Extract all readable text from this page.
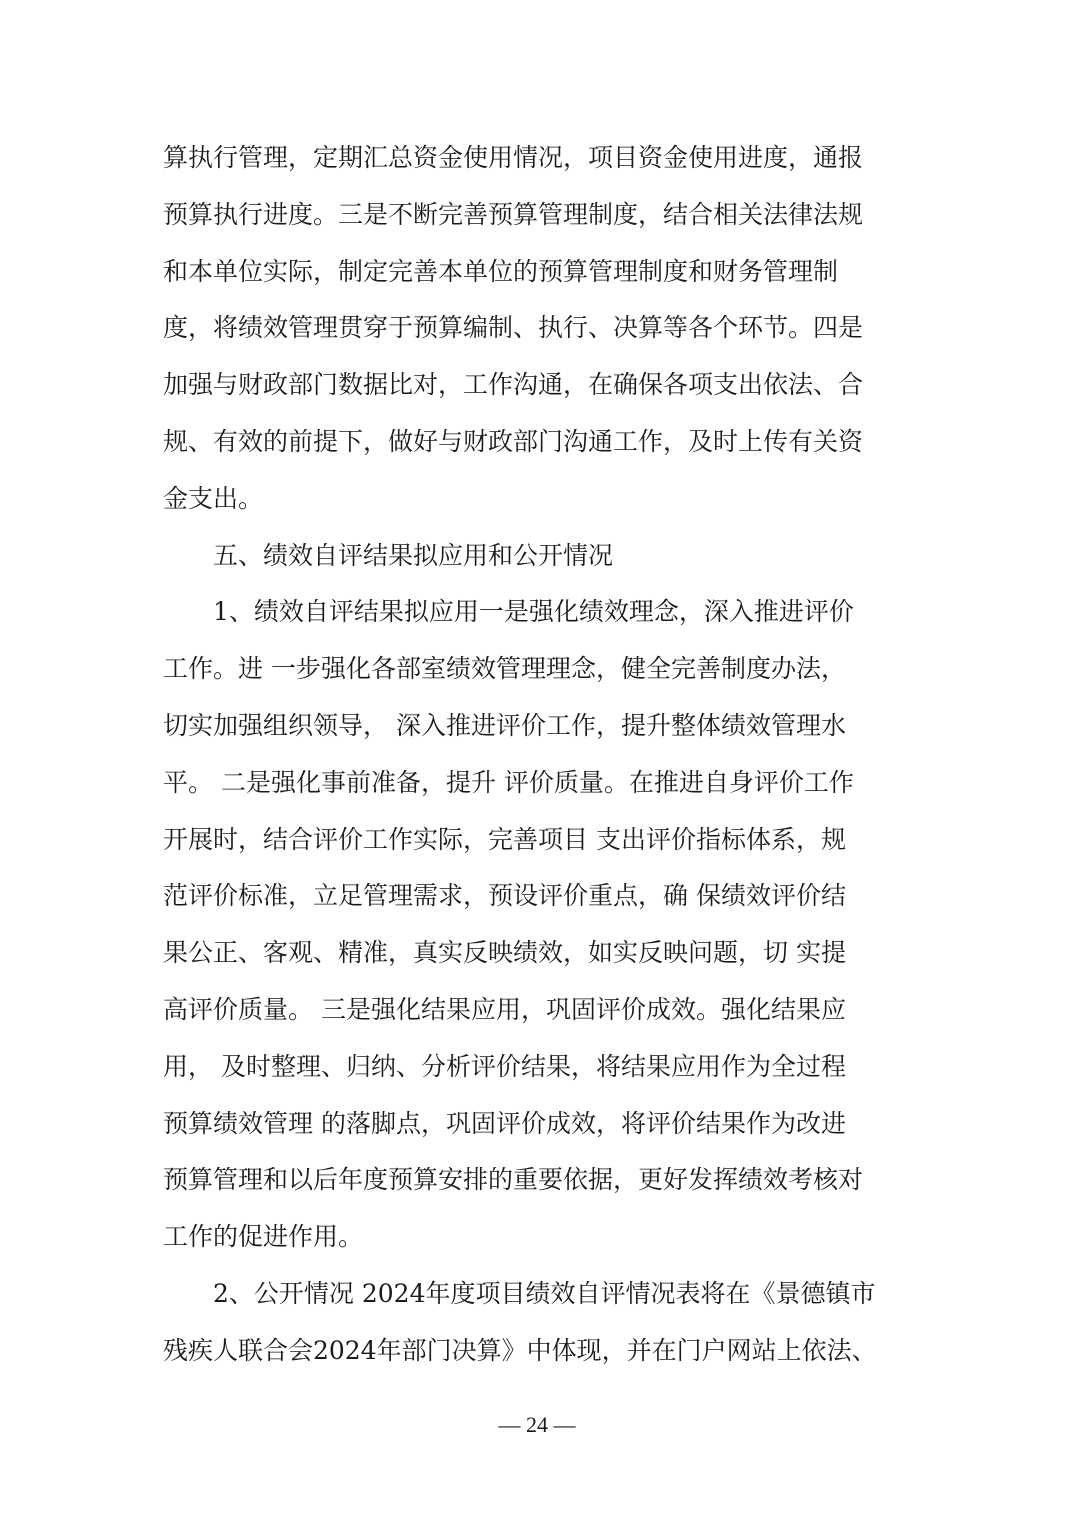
算执行管理，定期汇总资金使用情况，项目资金使用进度，通报
预算执行进度。三是不断完善预算管理制度，结合相关法律法规
和本单位实际，制定完善本单位的预算管理制度和财务管理制
度，将绩效管理贯穿于预算编制、执行、决算等各个环节。四是
加强与财政部门数据比对，工作沟通，在确保各项支出依法、合
规、有效的前提下，做好与财政部门沟通工作，及时上传有关资
金支出。
　　五、绩效自评结果拟应用和公开情况
　　1、绩效自评结果拟应用一是强化绩效理念，深入推进评价
工作。进 一步强化各部室绩效管理理念，健全完善制度办法，
切实加强组织领导， 深入推进评价工作，提升整体绩效管理水
平。 二是强化事前准备，提升 评价质量。在推进自身评价工作
开展时，结合评价工作实际，完善项目 支出评价指标体系，规
范评价标准，立足管理需求，预设评价重点，确 保绩效评价结
果公正、客观、精准，真实反映绩效，如实反映问题，切 实提
高评价质量。 三是强化结果应用，巩固评价成效。强化结果应
用， 及时整理、归纳、分析评价结果，将结果应用作为全过程
预算绩效管理 的落脚点，巩固评价成效，将评价结果作为改进
预算管理和以后年度预算安排的重要依据，更好发挥绩效考核对
工作的促进作用。
　　2、公开情况 2024年度项目绩效自评情况表将在《景德镇市
残疾人联合会2024年部门决算》中体现，并在门户网站上依法、
— 24 —
